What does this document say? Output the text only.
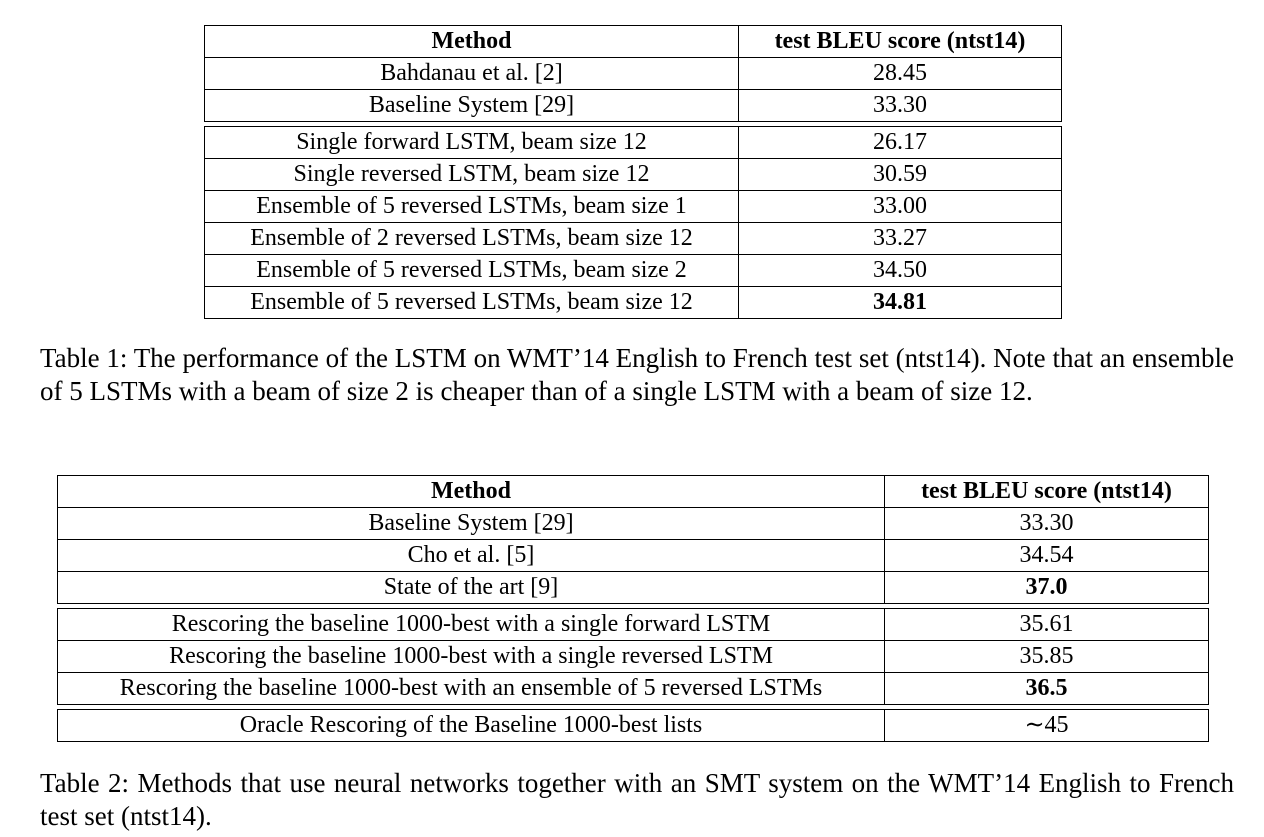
Method	test BLEU score (ntst14)
Bahdanau et al. [2]	28.45
Baseline System [29]	33.30
Single forward LSTM, beam size 12	26.17
Single reversed LSTM, beam size 12	30.59
Ensemble of 5 reversed LSTMs, beam size 1	33.00
Ensemble of 2 reversed LSTMs, beam size 12	33.27
Ensemble of 5 reversed LSTMs, beam size 2	34.50
Ensemble of 5 reversed LSTMs, beam size 12	34.81
Table 1: The performance of the LSTM on WMT’14 English to French test set (ntst14). Note that an ensemble of 5 LSTMs with a beam of size 2 is cheaper than of a single LSTM with a beam of size 12.
Method	test BLEU score (ntst14)
Baseline System [29]	33.30
Cho et al. [5]	34.54
State of the art [9]	37.0
Rescoring the baseline 1000-best with a single forward LSTM	35.61
Rescoring the baseline 1000-best with a single reversed LSTM	35.85
Rescoring the baseline 1000-best with an ensemble of 5 reversed LSTMs	36.5
Oracle Rescoring of the Baseline 1000-best lists	∼45
Table 2: Methods that use neural networks together with an SMT system on the WMT’14 English to French test set (ntst14).
